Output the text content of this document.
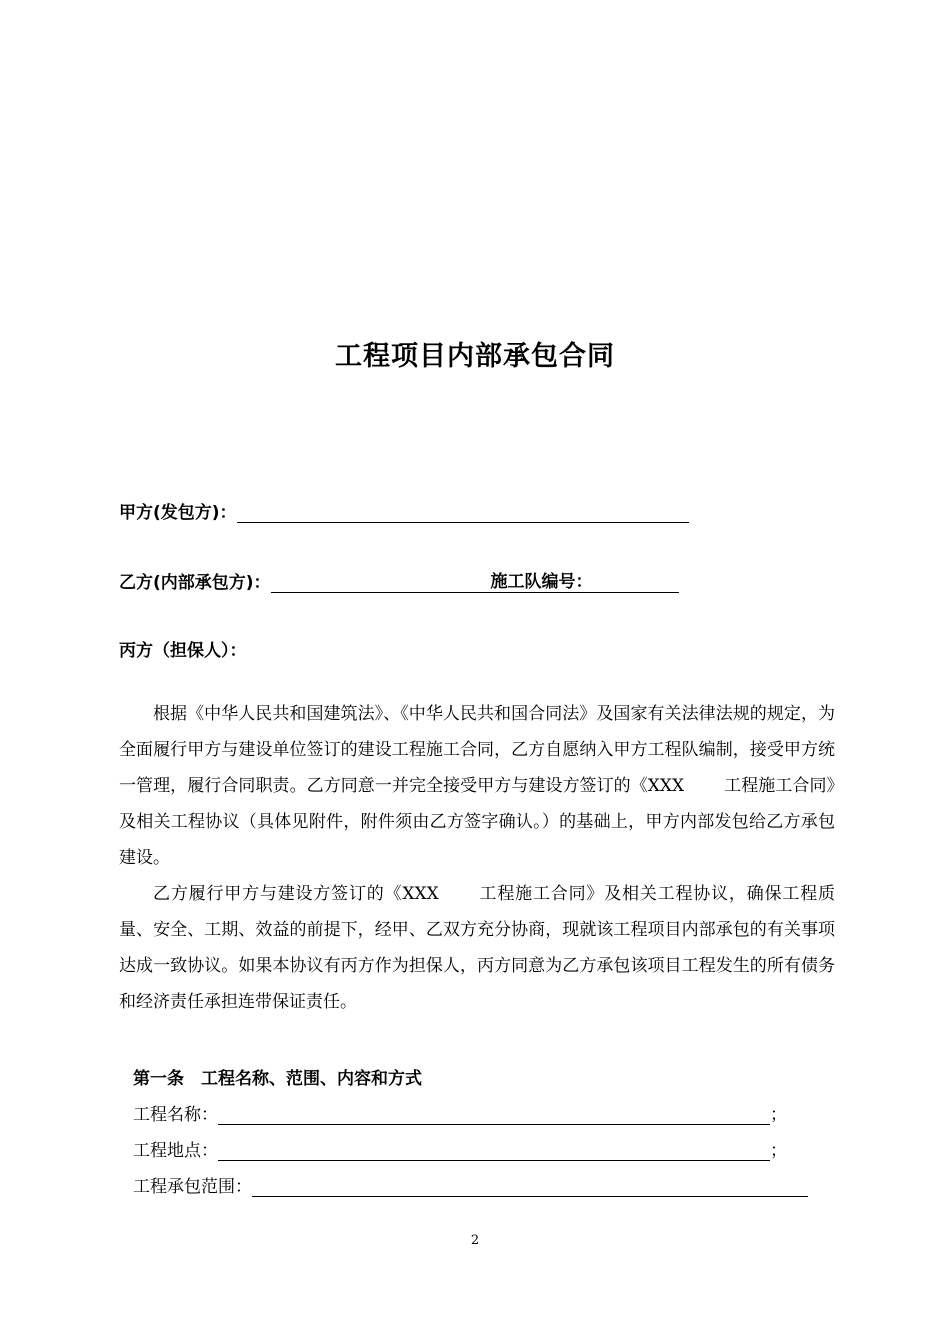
工程项目内部承包合同
甲方(发包方)：
乙方(内部承包方)：	施工队编号：
丙方（担保人）：
根据《中华人民共和国建筑法》、《中华人民共和国合同法》及国家有关法律法规的规定，为全面履行甲方与建设单位签订的建设工程施工合同，乙方自愿纳入甲方工程队编制，接受甲方统一管理，履行合同职责。乙方同意一并完全接受甲方与建设方签订的《XXX 工程施工合同》及相关工程协议（具体见附件，附件须由乙方签字确认。）的基础上，甲方内部发包给乙方承包建设。
乙方履行甲方与建设方签订的《XXX 工程施工合同》及相关工程协议，确保工程质量、安全、工期、效益的前提下，经甲、乙双方充分协商，现就该工程项目内部承包的有关事项达成一致协议。如果本协议有丙方作为担保人，丙方同意为乙方承包该项目工程发生的所有债务和经济责任承担连带保证责任。
第一条　工程名称、范围、内容和方式
工程名称：	；
工程地点：	；
工程承包范围：
2
